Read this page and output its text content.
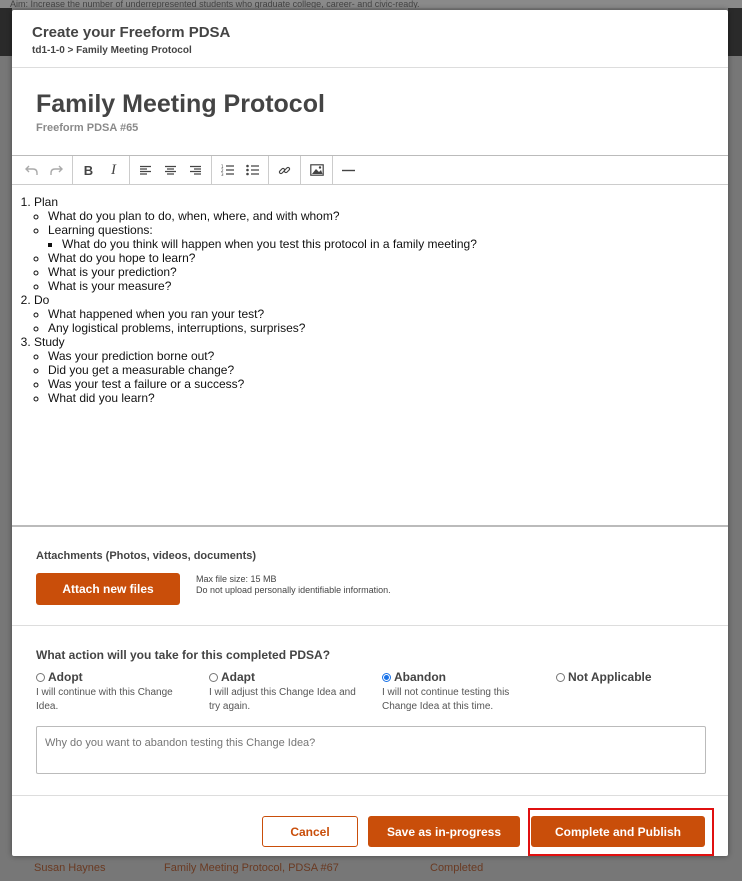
Aim: Increase the number of underrepresented students who graduate college, career- and civic-ready.
Susan Haynes	Family Meeting Protocol, PDSA #67	Completed
Create your Freeform PDSA
td1-1-0 > Family Meeting Protocol
Family Meeting Protocol
Freeform PDSA #65
B I	1
2
3
1. Plan
◦ What do you plan to do, when, where, and with whom?
◦ Learning questions:
▪ What do you think will happen when you test this protocol in a family meeting?
◦ What do you hope to learn?
◦ What is your prediction?
◦ What is your measure?
2. Do
◦ What happened when you ran your test?
◦ Any logistical problems, interruptions, surprises?
3. Study
◦ Was your prediction borne out?
◦ Did you get a measurable change?
◦ Was your test a failure or a success?
◦ What did you learn?
Attachments (Photos, videos, documents)
Attach new files
Max file size: 15 MB
Do not upload personally identifiable information.
What action will you take for this completed PDSA?
Adopt
I will continue with this Change Idea.
Adapt
I will adjust this Change Idea and try again.
Abandon
I will not continue testing this Change Idea at this time.
Not Applicable
Why do you want to abandon testing this Change Idea?
Cancel	Save as in-progress	Complete and Publish
